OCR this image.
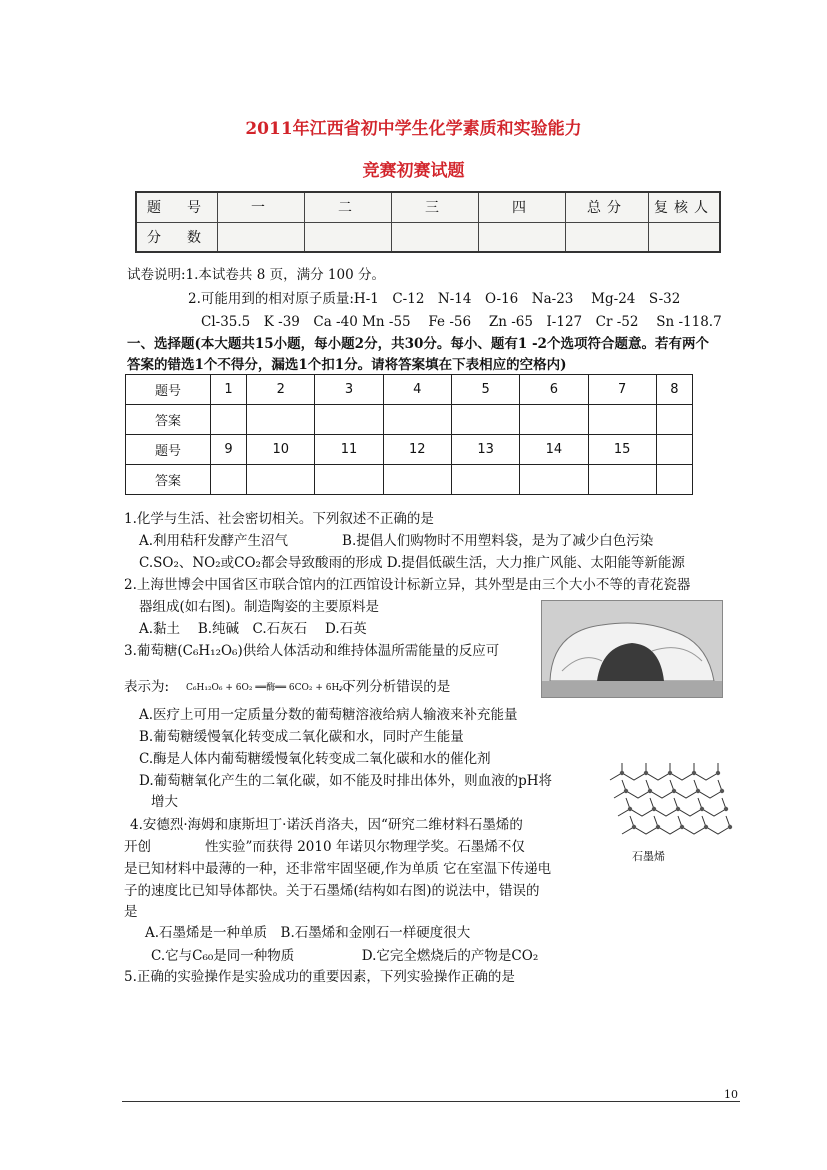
2011年江西省初中学生化学素质和实验能力
竞赛初赛试题
题　号	一	二	三	四	总分	复核人
分　数						
试卷说明:1.本试卷共 8 页，满分 100 分。
2.可能用到的相对原子质量:H-1　C-12　N-14　O-16　Na-23　 Mg-24　S-32
Cl-35.5　K -39　Ca -40 Mn -55　 Fe -56　 Zn -65　I-127　Cr -52　 Sn -118.7
一、选择题(本大题共15小题，每小题2分，共30分。每小、题有1 -2个选项符合题意。若有两个
答案的错选1个不得分，漏选1个扣1分。请将答案填在下表相应的空格内)
题号	1	2	3	4	5	6	7	8
答案								
题号	9	10	11	12	13	14	15	
答案								
1.化学与生活、社会密切相关。下列叙述不正确的是
A.利用秸秆发酵产生沼气　　　　B.提倡人们购物时不用塑料袋，是为了减少白色污染
C.SO₂、NO₂或CO₂都会导致酸雨的形成 D.提倡低碳生活，大力推广风能、太阳能等新能源
2.上海世博会中国省区市联合馆内的江西馆设计标新立异，其外型是由三个大小不等的青花瓷器
器组成(如右图)。制造陶姿的主要原料是
A.黏土　 B.纯碱　C.石灰石　 D.石英
3.葡萄糖(C₆H₁₂O₆)供给人体活动和维持体温所需能量的反应可
表示为: C₆H₁₂O₆ + 6O₂ ══酶══ 6CO₂ + 6H₂O
.下列分析错误的是
A.医疗上可用一定质量分数的葡萄糖溶液给病人输液来补充能量
B.葡萄糖缓慢氧化转变成二氧化碳和水，同时产生能量
C.酶是人体内葡萄糖缓慢氧化转变成二氧化碳和水的催化剂
D.葡萄糖氧化产生的二氧化碳，如不能及时排出体外，则血液的pH将
增大
石墨烯
4.安德烈·海姆和康斯坦丁·诺沃肖洛夫，因“研究二维材料石墨烯的
开创　　　　性实验”而获得 2010 年诺贝尔物理学奖。石墨烯不仅
是已知材料中最薄的一种，还非常牢固坚硬,作为单质 它在室温下传递电
子的速度比已知导体都快。关于石墨烯(结构如右图)的说法中，错误的
是
A.石墨烯是一种单质　B.石墨烯和金刚石一样硬度很大
C.它与C₆₀是同一种物质　　　　　D.它完全燃烧后的产物是CO₂
5.正确的实验操作是实验成功的重要因素，下列实验操作正确的是
10
